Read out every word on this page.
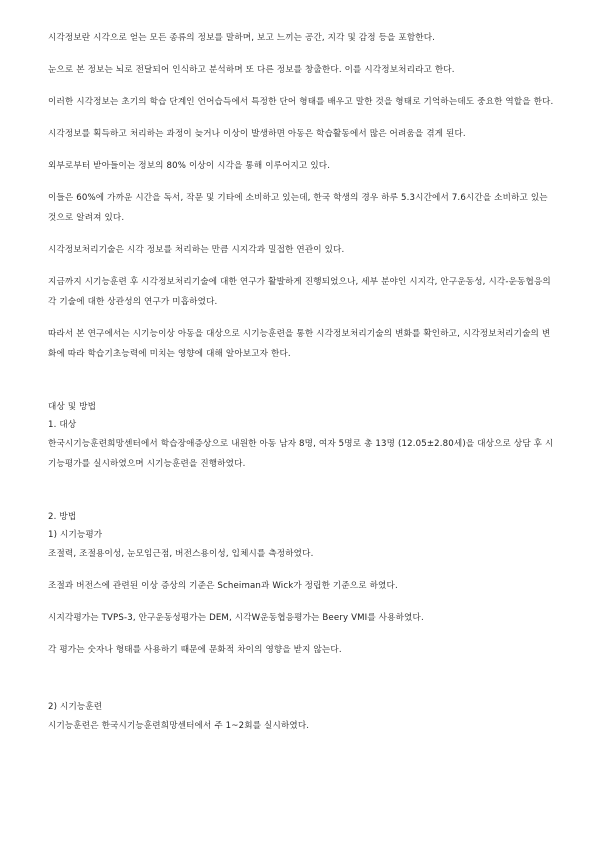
시각정보란 시각으로 얻는 모든 종류의 정보를 말하며, 보고 느끼는 공간, 지각 및 감정 등을 포함한다.

눈으로 본 정보는 뇌로 전달되어 인식하고 분석하며 또 다른 정보를 창출한다. 이를 시각정보처리라고 한다.

이러한 시각정보는 초기의 학습 단계인 언어습득에서 특정한 단어 형태를 배우고 말한 것을 형태로 기억하는데도 중요한 역할을 한다.

시각정보를 획득하고 처리하는 과정이 늦거나 이상이 발생하면 아동은 학습활동에서 많은 어려움을 겪게 된다.

외부로부터 받아들이는 정보의 80% 이상이 시각을 통해 이루어지고 있다.

이들은 60%에 가까운 시간을 독서, 작문 및 기타에 소비하고 있는데, 한국 학생의 경우 하루 5.3시간에서 7.6시간을 소비하고 있는 것으로 알려져 있다.

시각정보처리기술은 시각 정보를 처리하는 만큼 시지각과 밀접한 연관이 있다.

지금까지 시기능훈련 후 시각정보처리기술에 대한 연구가 활발하게 진행되었으나, 세부 분야인 시지각, 안구운동성, 시각-운동협응의 각 기술에 대한 상관성의 연구가 미흡하였다.

따라서 본 연구에서는 시기능이상 아동을 대상으로 시기능훈련을 통한 시각정보처리기술의 변화를 확인하고, 시각정보처리기술의 변화에 따라 학습기초능력에 미치는 영향에 대해 알아보고자 한다.

대상 및 방법

1. 대상

한국시기능훈련희망센터에서 학습장애증상으로 내원한 아동 남자 8명, 여자 5명로 총 13명 (12.05±2.80세)을 대상으로 상담 후 시기능평가를 실시하였으며 시기능훈련을 진행하였다.

2. 방법

1) 시기능평가

조절력, 조절용이성, 눈모임근점, 버전스용이성, 입체시를 측정하였다.

조절과 버전스에 관련된 이상 증상의 기준은 Scheiman과 Wick가 정립한 기준으로 하였다.

시지각평가는 TVPS-3, 안구운동성평가는 DEM, 시각W운동협응평가는 Beery VMI를 사용하였다.

각 평가는 숫자나 형태를 사용하기 때문에 문화적 차이의 영향을 받지 않는다.

2) 시기능훈련

시기능훈련은 한국시기능훈련희망센터에서 주 1~2회를 실시하였다.
